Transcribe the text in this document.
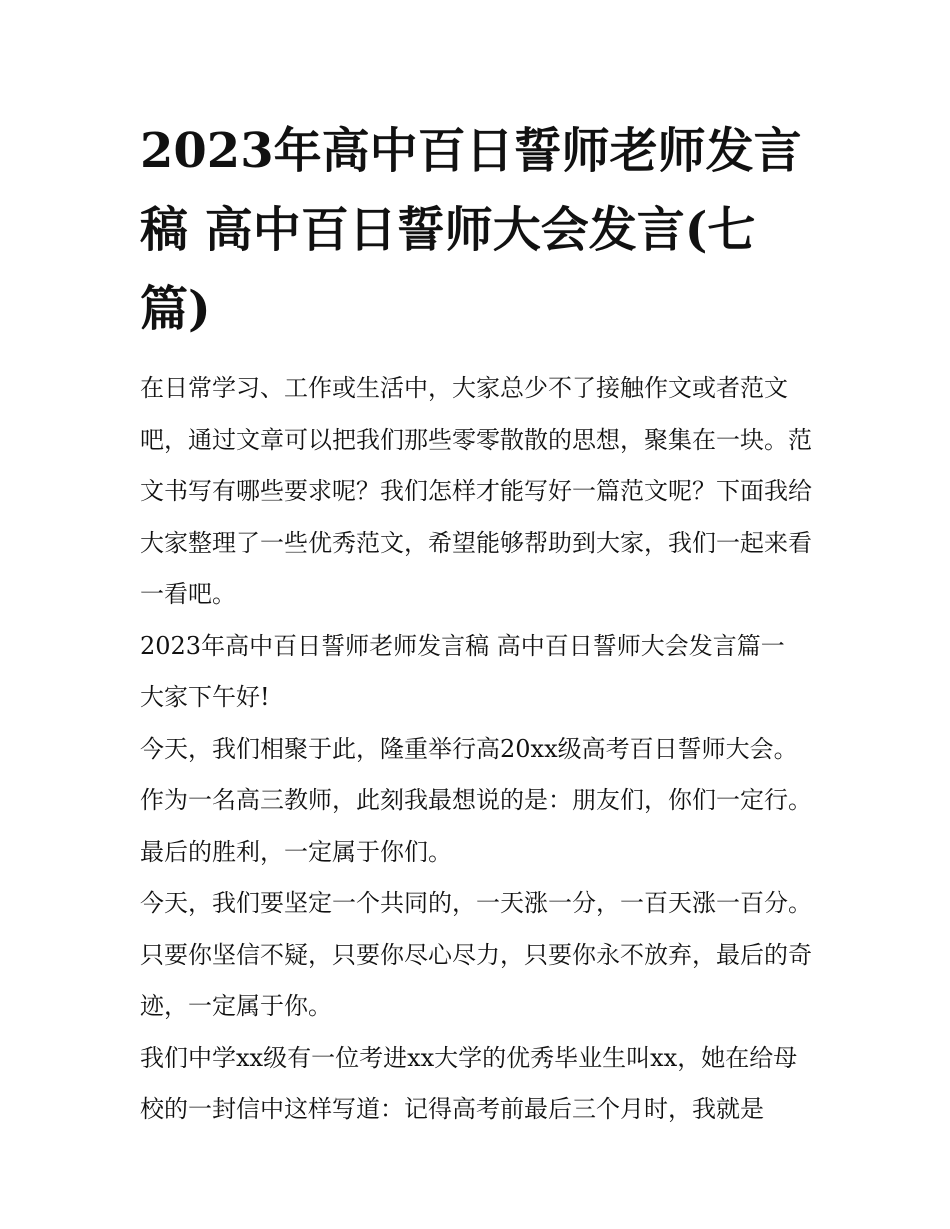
2023年高中百日誓师老师发言
稿 高中百日誓师大会发言(七
篇)

在日常学习、工作或生活中，大家总少不了接触作文或者范文吧，通过文章可以把我们那些零零散散的思想，聚集在一块。范文书写有哪些要求呢？我们怎样才能写好一篇范文呢？下面我给大家整理了一些优秀范文，希望能够帮助到大家，我们一起来看一看吧。

2023年高中百日誓师老师发言稿 高中百日誓师大会发言篇一

大家下午好!

今天，我们相聚于此，隆重举行高20xx级高考百日誓师大会。作为一名高三教师，此刻我最想说的是：朋友们，你们一定行。最后的胜利，一定属于你们。

今天，我们要坚定一个共同的，一天涨一分，一百天涨一百分。只要你坚信不疑，只要你尽心尽力，只要你永不放弃，最后的奇迹，一定属于你。

我们中学xx级有一位考进xx大学的优秀毕业生叫xx，她在给母校的一封信中这样写道：记得高考前最后三个月时，我就是
